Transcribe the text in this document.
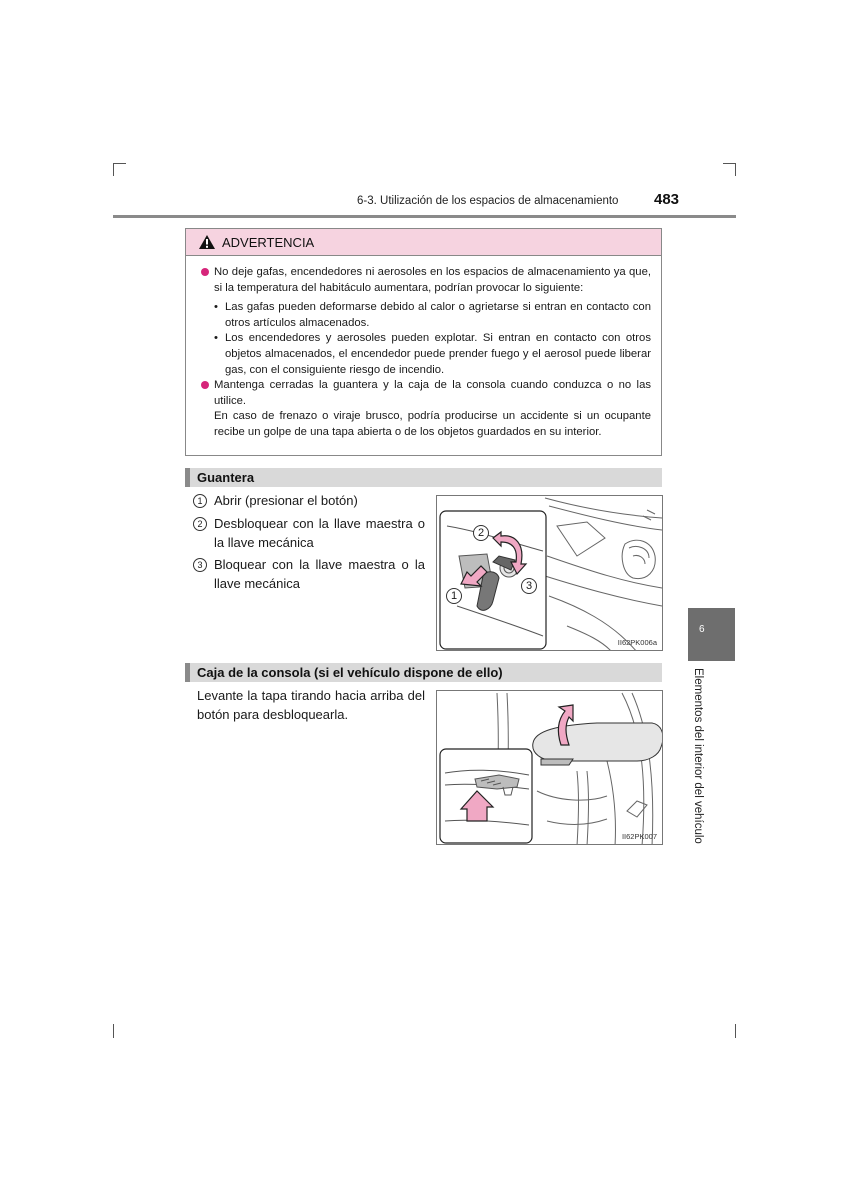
6-3. Utilización de los espacios de almacenamiento 483
ADVERTENCIA
No deje gafas, encendedores ni aerosoles en los espacios de almacenamiento ya que, si la temperatura del habitáculo aumentara, podrían provocar lo siguiente:
• Las gafas pueden deformarse debido al calor o agrietarse si entran en contacto con otros artículos almacenados.
• Los encendedores y aerosoles pueden explotar. Si entran en contacto con otros objetos almacenados, el encendedor puede prender fuego y el aerosol puede liberar gas, con el consiguiente riesgo de incendio.
Mantenga cerradas la guantera y la caja de la consola cuando conduzca o no las utilice.
En caso de frenazo o viraje brusco, podría producirse un accidente si un ocupante recibe un golpe de una tapa abierta o de los objetos guardados en su interior.
Guantera
1 Abrir (presionar el botón)
2 Desbloquear con la llave maestra o la llave mecánica
3 Bloquear con la llave maestra o la llave mecánica
2
3
1
II62PK006a
Caja de la consola (si el vehículo dispone de ello)
Levante la tapa tirando hacia arriba del botón para desbloquearla.
II62PK007
6
Elementos del interior del vehículo
